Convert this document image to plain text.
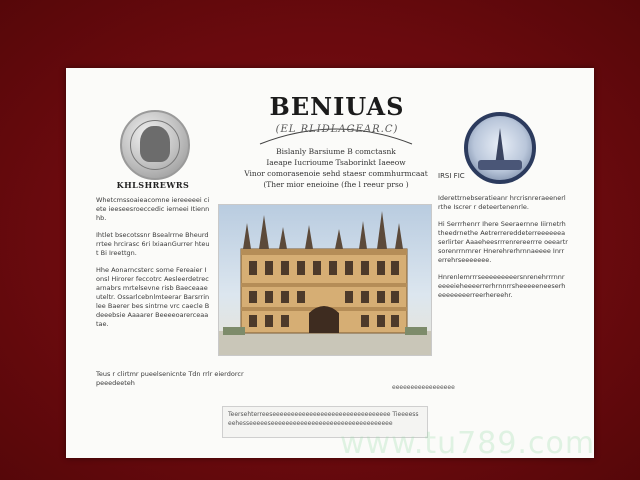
BENIUAS
(EL RLIDLAGEAR.C)
Bislanly Barsiume B comctasnk
Iaeape Iucrioume Tsaborinkt Iaeeow
Vinor comorasenoie sehd staesr commhurmcaat
(Ther mior eneioine (fhe l reeur prso )
KHLSHREWRS

Whetcmssoaieacomne iereeeeei ciete ieeseesroeccedic ierneei Itiennhb.

Ihtlet bsecotssnr Bsealrrne Bheurdrrtee hrcirasc 6ri lxiaanGurrer hteut Bi Ireettgn.

Hhe Aonarncsterc sorne Fereaier Ionsl Hirorer feccotrc Aesleerdetrecarnabrs mrtelsevne risb Baeceaaeuteltr. Ossarlcebnlmteerar Barsrrinlee Baerer bes sintrne vrc caecle Bdeeebsie Aaaarer Beeeeoarerceaatae.

IRSI FIC

Iderettrnebseratieanr hrcrisnreraeenerlrthe Iscrer r deteertenenrle.

Hi Serrrhenrr Ihere Seeraernne Iiirnetrhtheedrnethe Aetrerrereddeterreeeeeeaserlirter Aaaeheesrrrenrereerrre oeeartrsorenrrnrnrer Hnerehrerhrnnaeeee Inrrerrehrseeeeeee.

Hnrenlemrrrseeeeeeeeersnrenehrrrnnreeeeieheeeerrerhrnnrrsheeeeeneeserheeeeeeeerreerhereehr.

Teus r clirtmr pueelsenicnte Tdn rrlr eierdorcrpeeedeeteh

eeeeeeeeeeeeeeeee
Teersehterreeseeeeeeeeeeeeeeeeeeeeeeeeeeeeeeee Tieeeesseehesseeeeeseeeeeeeeeeeeeeeeeeeeeeeeeeeeeeeee
www.tu789.com
